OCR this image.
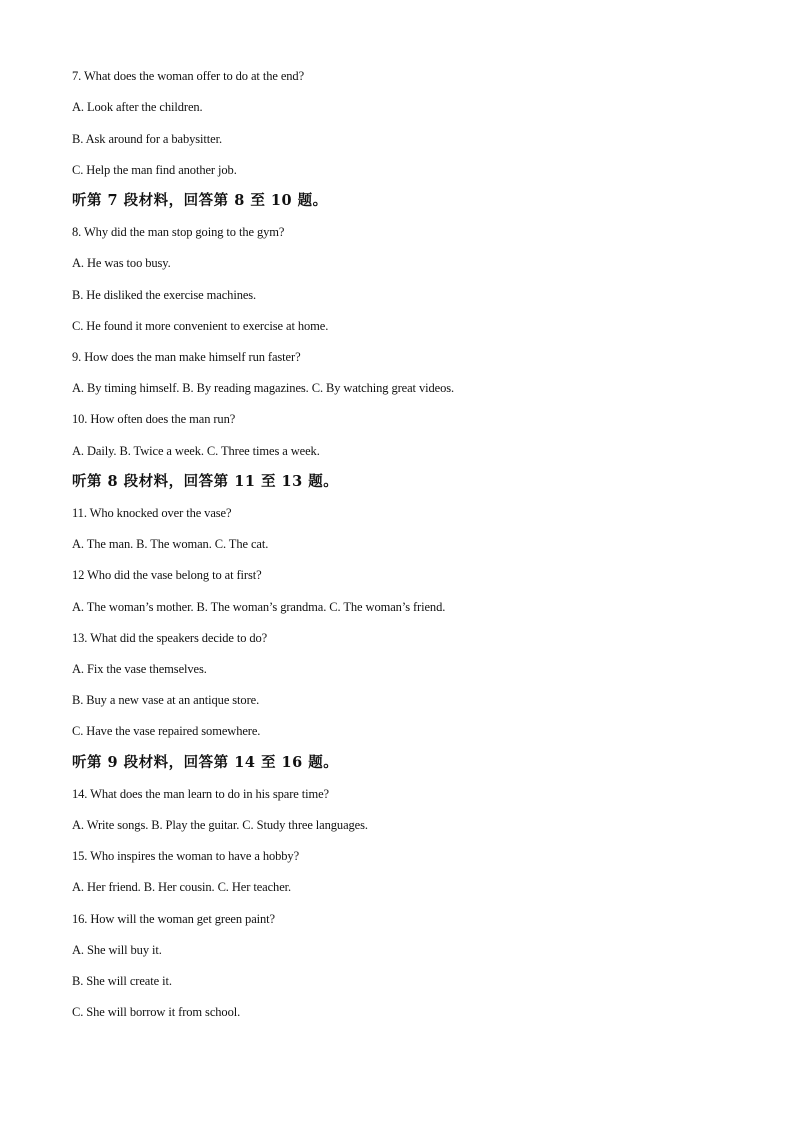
7. What does the woman offer to do at the end?
A. Look after the children.
B. Ask around for a babysitter.
C. Help the man find another job.
听第 7 段材料，回答第 8 至 10 题。
8. Why did the man stop going to the gym?
A. He was too busy.
B. He disliked the exercise machines.
C. He found it more convenient to exercise at home.
9. How does the man make himself run faster?
A. By timing himself. B. By reading magazines. C. By watching great videos.
10. How often does the man run?
A. Daily. B. Twice a week. C. Three times a week.
听第 8 段材料，回答第 11 至 13 题。
11. Who knocked over the vase?
A. The man. B. The woman. C. The cat.
12 Who did the vase belong to at first?
A. The woman’s mother. B. The woman’s grandma. C. The woman’s friend.
13. What did the speakers decide to do?
A. Fix the vase themselves.
B. Buy a new vase at an antique store.
C. Have the vase repaired somewhere.
听第 9 段材料，回答第 14 至 16 题。
14. What does the man learn to do in his spare time?
A. Write songs. B. Play the guitar. C. Study three languages.
15. Who inspires the woman to have a hobby?
A. Her friend. B. Her cousin. C. Her teacher.
16. How will the woman get green paint?
A. She will buy it.
B. She will create it.
C. She will borrow it from school.
